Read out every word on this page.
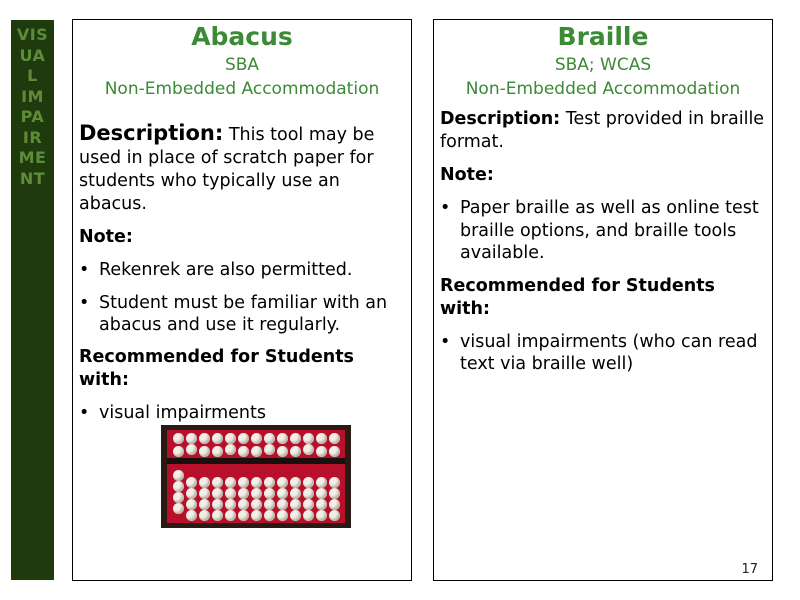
VIS
UA
L
IM
PA
IR
ME
NT
Abacus
SBA
Non-Embedded Accommodation
Description: This tool may be used in place of scratch paper for students who typically use an abacus.
Note:
• Rekenrek are also permitted.
• Student must be familiar with an abacus and use it regularly.
Recommended for Students with:
• visual impairments
Braille
SBA; WCAS
Non-Embedded Accommodation
Description: Test provided in braille format.
Note:
• Paper braille as well as online test braille options, and braille tools available.
Recommended for Students with:
• visual impairments (who can read text via braille well)
17
